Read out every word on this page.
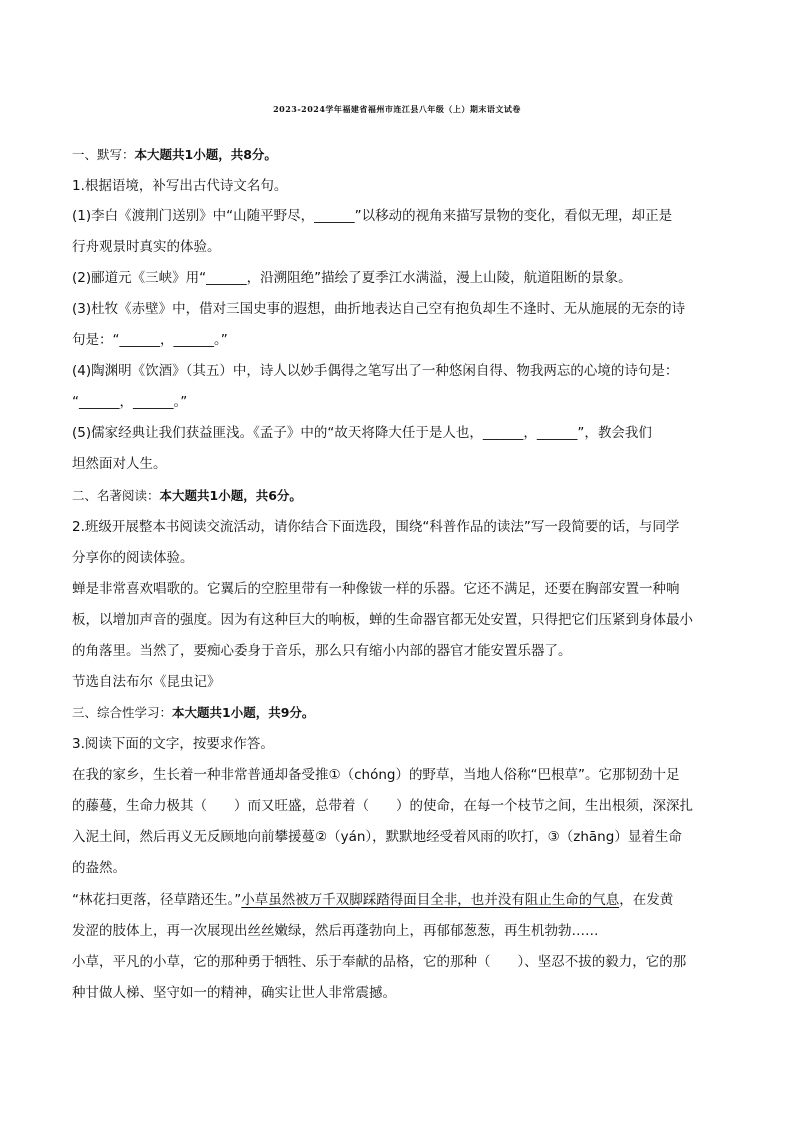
2023-2024学年福建省福州市连江县八年级（上）期末语文试卷
一、默写：本大题共1小题，共8分。
1.根据语境，补写出古代诗文名句。
(1)李白《渡荆门送别》中“山随平野尽，______”以移动的视角来描写景物的变化，看似无理，却正是
行舟观景时真实的体验。
(2)郦道元《三峡》用“______，沿溯阻绝”描绘了夏季江水满溢，漫上山陵，航道阻断的景象。
(3)杜牧《赤壁》中，借对三国史事的遐想，曲折地表达自己空有抱负却生不逢时、无从施展的无奈的诗
句是：“______，______。”
(4)陶渊明《饮酒》（其五）中，诗人以妙手偶得之笔写出了一种悠闲自得、物我两忘的心境的诗句是：
“______，______。”
(5)儒家经典让我们获益匪浅。《孟子》中的“故天将降大任于是人也，______，______”，教会我们
坦然面对人生。
二、名著阅读：本大题共1小题，共6分。
2.班级开展整本书阅读交流活动，请你结合下面选段，围绕“科普作品的读法”写一段简要的话，与同学
分享你的阅读体验。
蝉是非常喜欢唱歌的。它翼后的空腔里带有一种像钹一样的乐器。它还不满足，还要在胸部安置一种响
板，以增加声音的强度。因为有这种巨大的响板，蝉的生命器官都无处安置，只得把它们压紧到身体最小
的角落里。当然了，要痴心委身于音乐，那么只有缩小内部的器官才能安置乐器了。
节选自法布尔《昆虫记》
三、综合性学习：本大题共1小题，共9分。
3.阅读下面的文字，按要求作答。
在我的家乡，生长着一种非常普通却备受推①（chóng）的野草，当地人俗称“巴根草”。它那韧劲十足
的藤蔓，生命力极其（　　）而又旺盛，总带着（　　）的使命，在每一个枝节之间，生出根须，深深扎
入泥土间，然后再义无反顾地向前攀援蔓②（yán），默默地经受着风雨的吹打，③（zhāng）显着生命
的盎然。
“林花扫更落，径草踏还生。”小草虽然被万千双脚踩踏得面目全非，也并没有阻止生命的气息，在发黄
发涩的肢体上，再一次展现出丝丝嫩绿，然后再蓬勃向上，再郁郁葱葱，再生机勃勃……
小草，平凡的小草，它的那种勇于牺牲、乐于奉献的品格，它的那种（　　）、坚忍不拔的毅力，它的那
种甘做人梯、坚守如一的精神，确实让世人非常震撼。
